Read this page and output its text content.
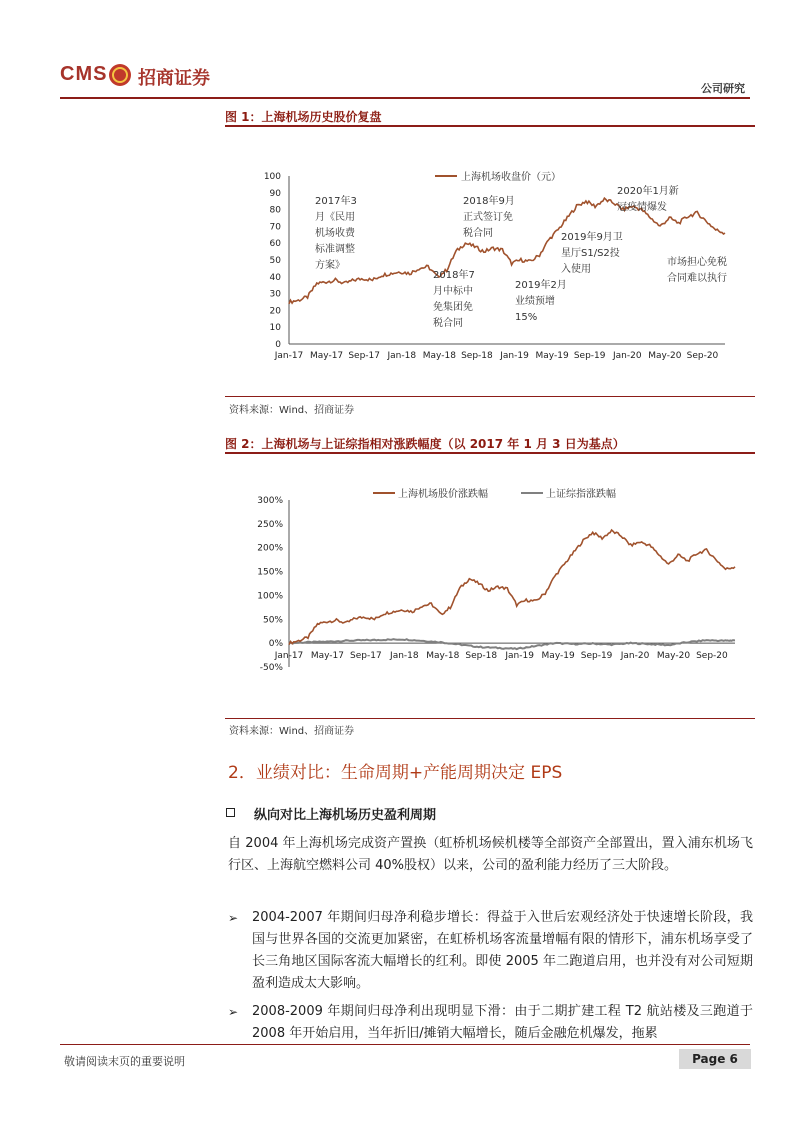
CMS 招商证券	公司研究
图 1：上海机场历史股价复盘
0
10
20
30
40
50
60
70
80
90
100
Jan-17 May-17 Sep-17 Jan-18 May-18 Sep-18 Jan-19 May-19 Sep-19 Jan-20 May-20 Sep-20
上海机场收盘价（元）
2017年3 月《民用机场收费标准调整方案》
2018年7 月中标中免集团免税合同
2018年9月正式签订免税合同
2019年2月业绩预增 15%
2019年9月卫星厅S1/S2投入使用
2020年1月新冠疫情爆发
市场担心免税合同难以执行
资料来源：Wind、招商证券
图 2：上海机场与上证综指相对涨跌幅度（以 2017 年 1 月 3 日为基点）
-50%
0%
50%
100%
150%
200%
250%
300%
Jan-17 May-17 Sep-17 Jan-18 May-18 Sep-18 Jan-19 May-19 Sep-19 Jan-20 May-20 Sep-20
上海机场股价涨跌幅	上证综指涨跌幅
资料来源：Wind、招商证券
2．业绩对比：生命周期+产能周期决定 EPS
纵向对比上海机场历史盈利周期
自 2004 年上海机场完成资产置换（虹桥机场候机楼等全部资产全部置出，置入浦东机场飞行区、上海航空燃料公司 40%股权）以来，公司的盈利能力经历了三大阶段。
➢	2004-2007 年期间归母净利稳步增长：得益于入世后宏观经济处于快速增长阶段，我国与世界各国的交流更加紧密，在虹桥机场客流量增幅有限的情形下，浦东机场享受了长三角地区国际客流大幅增长的红利。即使 2005 年二跑道启用，也并没有对公司短期盈利造成太大影响。
➢	2008-2009 年期间归母净利出现明显下滑：由于二期扩建工程 T2 航站楼及三跑道于 2008 年开始启用，当年折旧/摊销大幅增长，随后金融危机爆发，拖累
敬请阅读末页的重要说明	Page 6
